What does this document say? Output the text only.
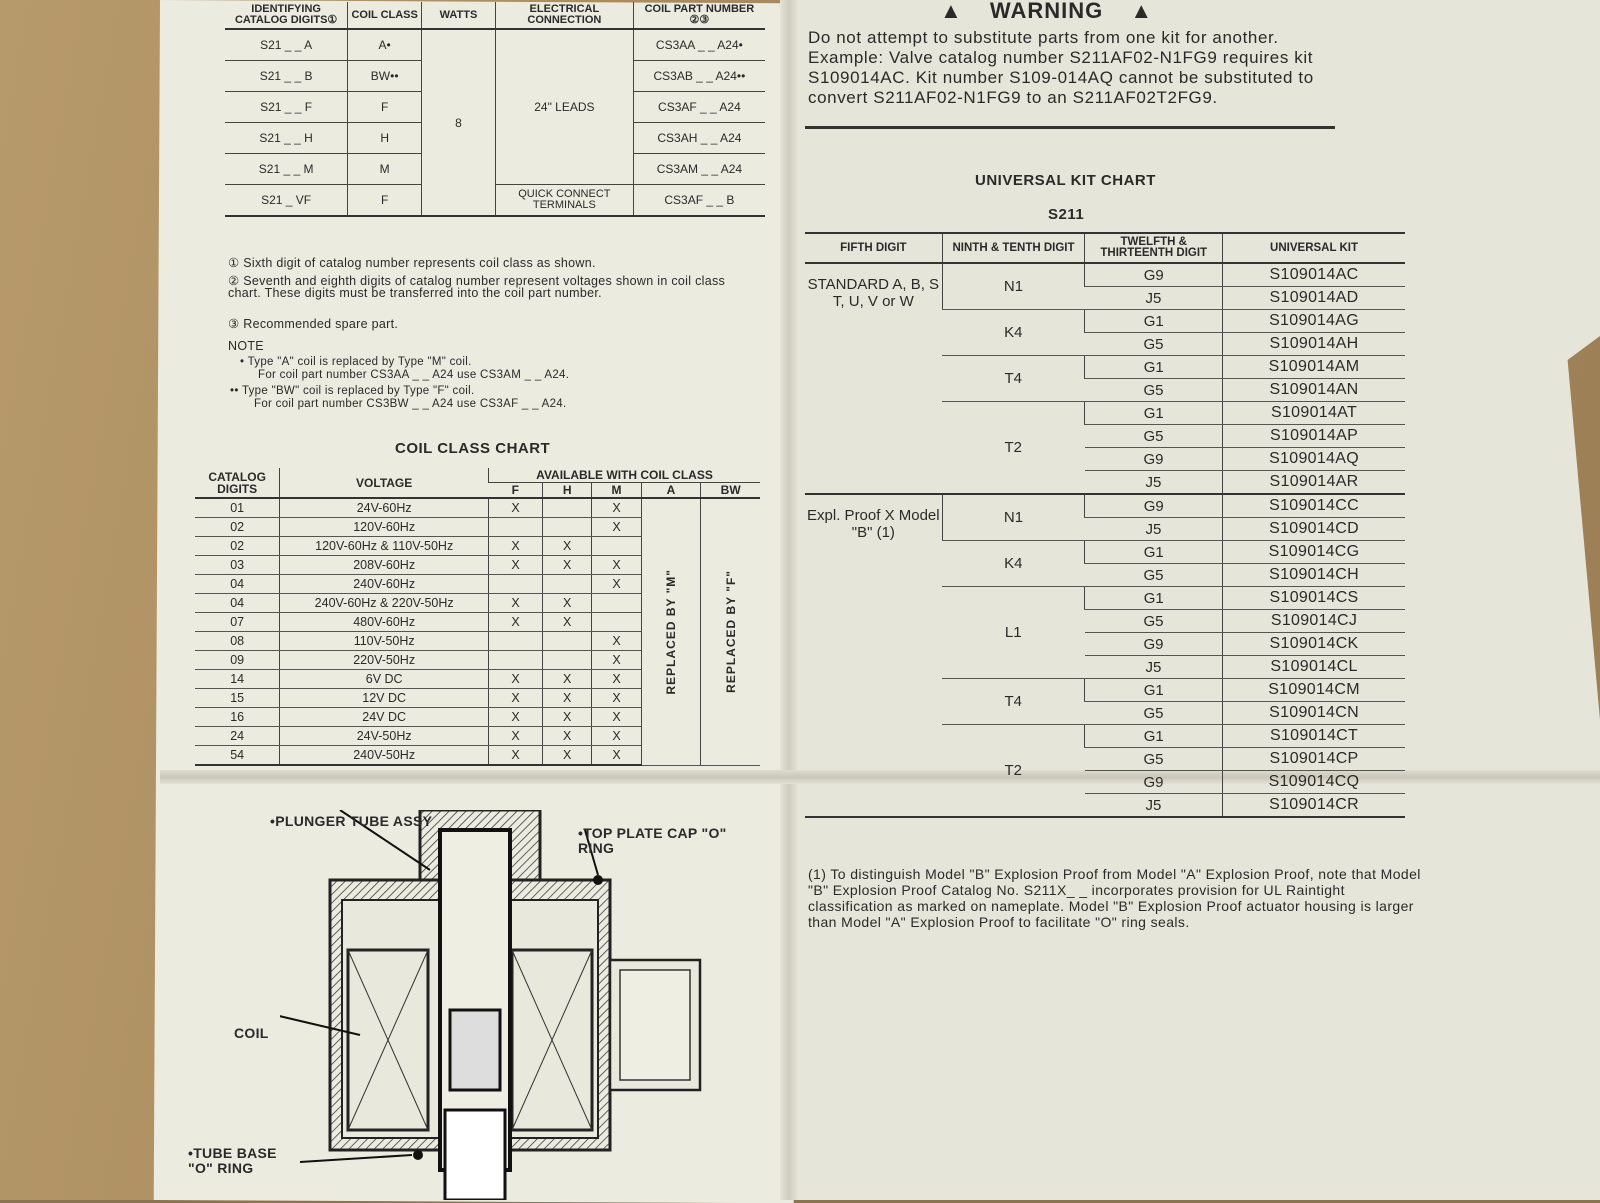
IDENTIFYING CATALOG DIGITS①	COIL CLASS	WATTS	ELECTRICAL CONNECTION	COIL PART NUMBER ②③
S21 _ _ A	A•	8	24" LEADS	CS3AA _ _ A24•
S21 _ _ B	BW••			CS3AB _ _ A24••
S21 _ _ F	F			CS3AF _ _ A24
S21 _ _ H	H			CS3AH _ _ A24
S21 _ _ M	M			CS3AM _ _ A24
S21 _ VF	F		QUICK CONNECT TERMINALS	CS3AF _ _ B
① Sixth digit of catalog number represents coil class as shown.
② Seventh and eighth digits of catalog number represent voltages shown in coil class chart. These digits must be transferred into the coil part number.
③ Recommended spare part.
NOTE
• Type "A" coil is replaced by Type "M" coil.
For coil part number CS3AA _ _ A24 use CS3AM _ _ A24.
•• Type "BW" coil is replaced by Type "F" coil.
For coil part number CS3BW _ _ A24 use CS3AF _ _ A24.
COIL CLASS CHART
CATALOG DIGITS	VOLTAGE	AVAILABLE WITH COIL CLASS				
		F	H	M	A	BW
01	24V-60Hz	X		X	REPLACED BY "M"	REPLACED BY "F"

02	120V-60Hz			X		
02	120V-60Hz & 110V-50Hz	X	X			
03	208V-60Hz	X	X	X		
04	240V-60Hz			X		
04	240V-60Hz & 220V-50Hz	X	X			
07	480V-60Hz	X	X			
08	110V-50Hz			X		
09	220V-50Hz			X		
14	6V DC	X	X	X		
15	12V DC	X	X	X		
16	24V DC	X	X	X		
24	24V-50Hz	X	X	X		
54	240V-50Hz	X	X	X		
•PLUNGER TUBE ASSY
•TOP PLATE CAP "O" RING
COIL
•TUBE BASE "O" RING
▲ WARNING ▲
Do not attempt to substitute parts from one kit for another. Example: Valve catalog number S211AF02-N1FG9 requires kit S109014AC. Kit number S109-014AQ cannot be substituted to convert S211AF02-N1FG9 to an S211AF02T2FG9.
UNIVERSAL KIT CHART
S211
FIFTH DIGIT	NINTH & TENTH DIGIT	TWELFTH & THIRTEENTH DIGIT	UNIVERSAL KIT
STANDARD A, B, S T, U, V or W	N1	G9	S109014AC
		J5	S109014AD
	K4	G1	S109014AG
		G5	S109014AH
	T4	G1	S109014AM
		G5	S109014AN
	T2	G1	S109014AT
		G5	S109014AP
		G9	S109014AQ
		J5	S109014AR
Expl. Proof X Model "B" (1)	N1	G9	S109014CC
		J5	S109014CD
	K4	G1	S109014CG
		G5	S109014CH
	L1	G1	S109014CS
		G5	S109014CJ
		G9	S109014CK
		J5	S109014CL
	T4	G1	S109014CM
		G5	S109014CN
	T2	G1	S109014CT
		G5	S109014CP
		G9	S109014CQ
		J5	S109014CR
(1) To distinguish Model "B" Explosion Proof from Model "A" Explosion Proof, note that Model "B" Explosion Proof Catalog No. S211X_ _ incorporates provision for UL Raintight classification as marked on nameplate. Model "B" Explosion Proof actuator housing is larger than Model "A" Explosion Proof to facilitate "O" ring seals.
